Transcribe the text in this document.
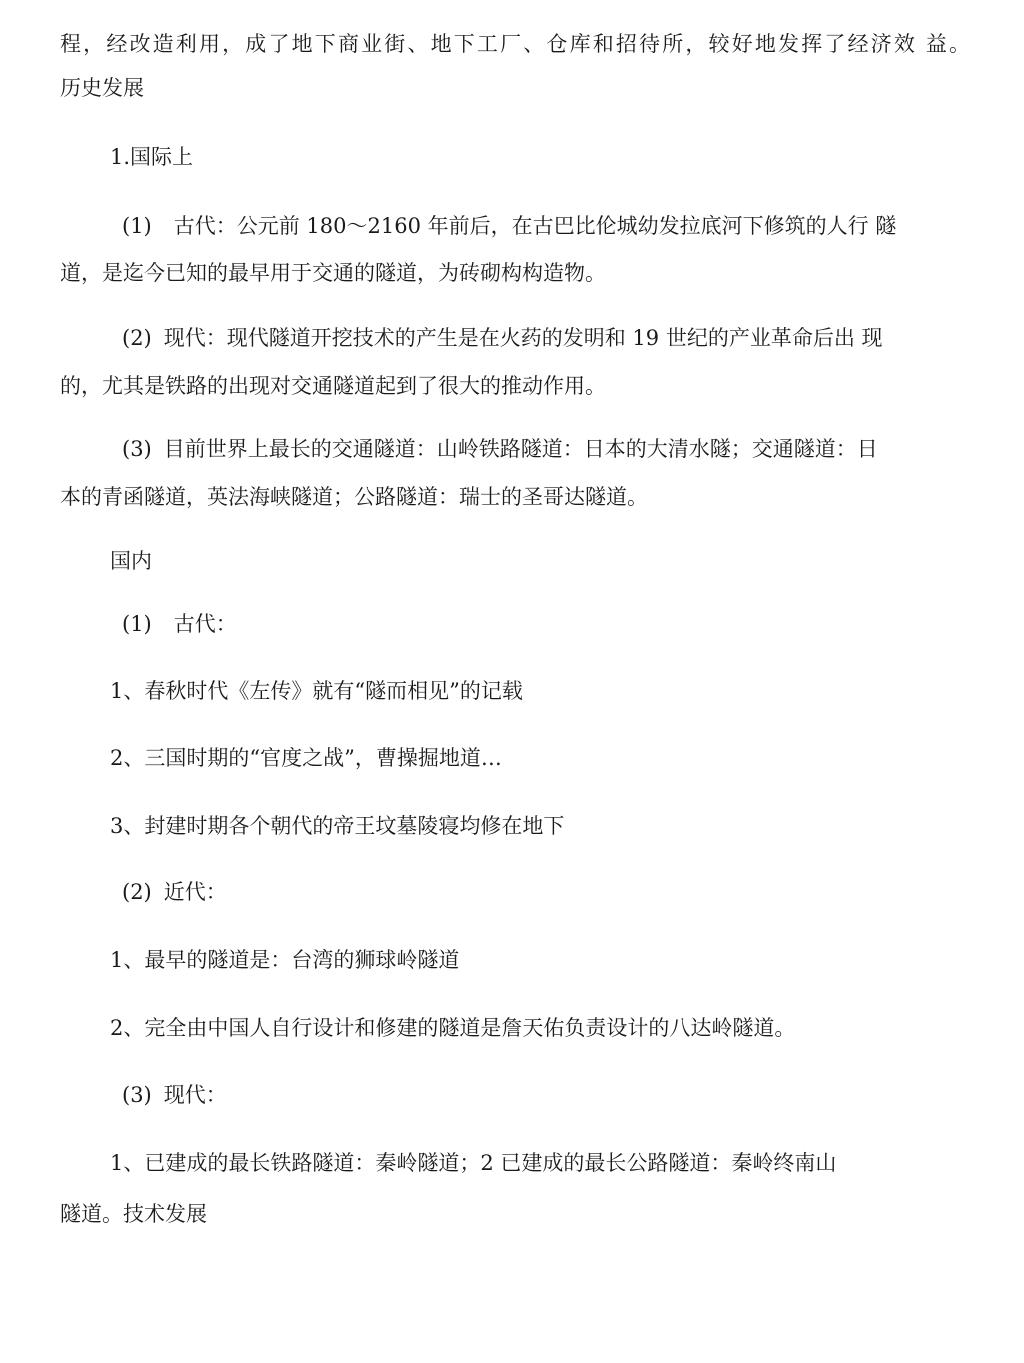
程，经改造利用，成了地下商业街、地下工厂、仓库和招待所，较好地发挥了经济效 益。
历史发展
1.国际上
(1) 古代：公元前 180～2160 年前后，在古巴比伦城幼发拉底河下修筑的人行 隧
道，是迄今已知的最早用于交通的隧道，为砖砌构构造物。
(2) 现代：现代隧道开挖技术的产生是在火药的发明和 19 世纪的产业革命后出 现
的，尤其是铁路的出现对交通隧道起到了很大的推动作用。
(3) 目前世界上最长的交通隧道：山岭铁路隧道：日本的大清水隧；交通隧道：日
本的青函隧道，英法海峡隧道；公路隧道：瑞士的圣哥达隧道。
国内
(1) 古代：
1、春秋时代《左传》就有“隧而相见”的记载
2、三国时期的“官度之战”，曹操掘地道…
3、封建时期各个朝代的帝王坟墓陵寝均修在地下
(2) 近代：
1、最早的隧道是：台湾的狮球岭隧道
2、完全由中国人自行设计和修建的隧道是詹天佑负责设计的八达岭隧道。
(3) 现代：
1、已建成的最长铁路隧道：秦岭隧道；2 已建成的最长公路隧道：秦岭终南山
隧道。技术发展
